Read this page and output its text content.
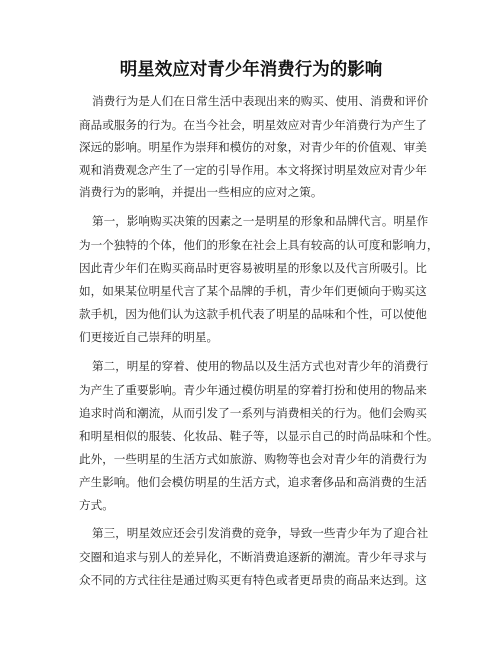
明星效应对青少年消费行为的影响
消费行为是人们在日常生活中表现出来的购买、使用、消费和评价
商品或服务的行为。在当今社会，明星效应对青少年消费行为产生了
深远的影响。明星作为崇拜和模仿的对象，对青少年的价值观、审美
观和消费观念产生了一定的引导作用。本文将探讨明星效应对青少年
消费行为的影响，并提出一些相应的应对之策。
第一，影响购买决策的因素之一是明星的形象和品牌代言。明星作
为一个独特的个体，他们的形象在社会上具有较高的认可度和影响力，
因此青少年们在购买商品时更容易被明星的形象以及代言所吸引。比
如，如果某位明星代言了某个品牌的手机，青少年们更倾向于购买这
款手机，因为他们认为这款手机代表了明星的品味和个性，可以使他
们更接近自己崇拜的明星。
第二，明星的穿着、使用的物品以及生活方式也对青少年的消费行
为产生了重要影响。青少年通过模仿明星的穿着打扮和使用的物品来
追求时尚和潮流，从而引发了一系列与消费相关的行为。他们会购买
和明星相似的服装、化妆品、鞋子等，以显示自己的时尚品味和个性。
此外，一些明星的生活方式如旅游、购物等也会对青少年的消费行为
产生影响。他们会模仿明星的生活方式，追求奢侈品和高消费的生活
方式。
第三，明星效应还会引发消费的竞争，导致一些青少年为了迎合社
交圈和追求与别人的差异化，不断消费追逐新的潮流。青少年寻求与
众不同的方式往往是通过购买更有特色或者更昂贵的商品来达到。这
